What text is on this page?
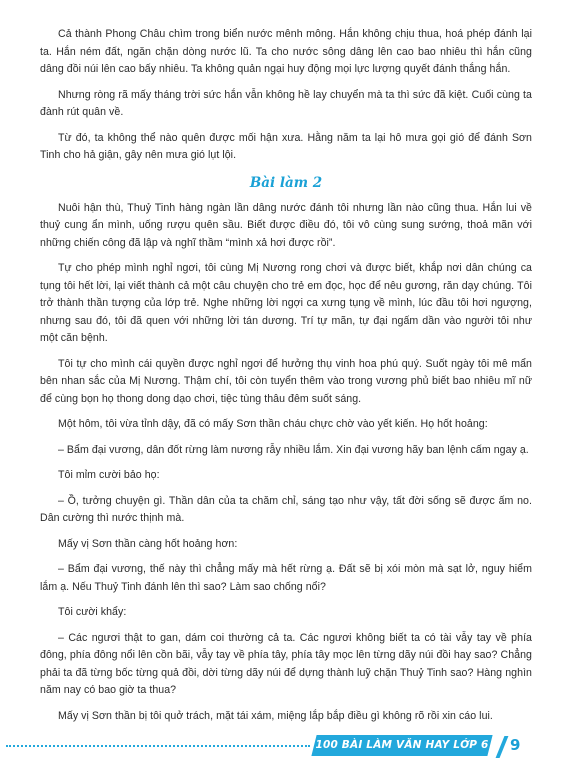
Cả thành Phong Châu chìm trong biển nước mênh mông. Hắn không chịu thua, hoá phép đánh lại ta. Hắn ném đất, ngăn chặn dòng nước lũ. Ta cho nước sông dâng lên cao bao nhiêu thì hắn cũng dâng đồi núi lên cao bấy nhiêu. Ta không quản ngại huy động mọi lực lượng quyết đánh thắng hắn.

Nhưng ròng rã mấy tháng trời sức hắn vẫn không hề lay chuyển mà ta thì sức đã kiệt. Cuối cùng ta đành rút quân về.

Từ đó, ta không thể nào quên được mối hận xưa. Hằng năm ta lại hô mưa gọi gió để đánh Sơn Tinh cho hả giận, gây nên mưa gió lụt lội.

Bài làm 2

Nuôi hận thù, Thuỷ Tinh hàng ngàn lần dâng nước đánh tôi nhưng lần nào cũng thua. Hắn lui về thuỷ cung ẩn mình, uống rượu quên sầu. Biết được điều đó, tôi vô cùng sung sướng, thoả mãn với những chiến công đã lập và nghĩ thầm “mình xả hơi được rồi”.

Tự cho phép mình nghỉ ngơi, tôi cùng Mị Nương rong chơi và được biết, khắp nơi dân chúng ca tụng tôi hết lời, lại viết thành cả một câu chuyện cho trẻ em đọc, học để nêu gương, răn dạy chúng. Tôi trở thành thần tượng của lớp trẻ. Nghe những lời ngợi ca xưng tụng về mình, lúc đầu tôi hơi ngượng, nhưng sau đó, tôi đã quen với những lời tán dương. Trí tự mãn, tự đại ngấm dần vào người tôi như một căn bệnh.

Tôi tự cho mình cái quyền được nghỉ ngơi để hưởng thụ vinh hoa phú quý. Suốt ngày tôi mê mẩn bên nhan sắc của Mị Nương. Thậm chí, tôi còn tuyển thêm vào trong vương phủ biết bao nhiêu mĩ nữ để cùng bọn họ thong dong dạo chơi, tiệc tùng thâu đêm suốt sáng.

Một hôm, tôi vừa tỉnh dậy, đã có mấy Sơn thần cháu chực chờ vào yết kiến. Họ hốt hoảng:

– Bẩm đại vương, dân đốt rừng làm nương rẫy nhiều lắm. Xin đại vương hãy ban lệnh cấm ngay ạ.

Tôi mỉm cười bảo họ:

– Ồ, tưởng chuyện gì. Thần dân của ta chăm chỉ, sáng tạo như vậy, tất đời sống sẽ được ấm no. Dân cường thì nước thịnh mà.

Mấy vị Sơn thần càng hốt hoảng hơn:

– Bẩm đại vương, thế này thì chẳng mấy mà hết rừng ạ. Đất sẽ bị xói mòn mà sạt lở, nguy hiểm lắm ạ. Nếu Thuỷ Tinh đánh lên thì sao? Làm sao chống nổi?

Tôi cười khẩy:

– Các ngươi thật to gan, dám coi thường cả ta. Các ngươi không biết ta có tài vẫy tay về phía đông, phía đông nổi lên cồn bãi, vẫy tay về phía tây, phía tây mọc lên từng dãy núi đồi hay sao? Chẳng phải ta đã từng bốc từng quả đồi, dời từng dãy núi để dựng thành luỹ chặn Thuỷ Tinh sao? Hàng nghìn năm nay có bao giờ ta thua?

Mấy vị Sơn thần bị tôi quở trách, mặt tái xám, miệng lắp bắp điều gì không rõ rồi xin cáo lui.

100 BÀI LÀM VĂN HAY LỚP 6 9
